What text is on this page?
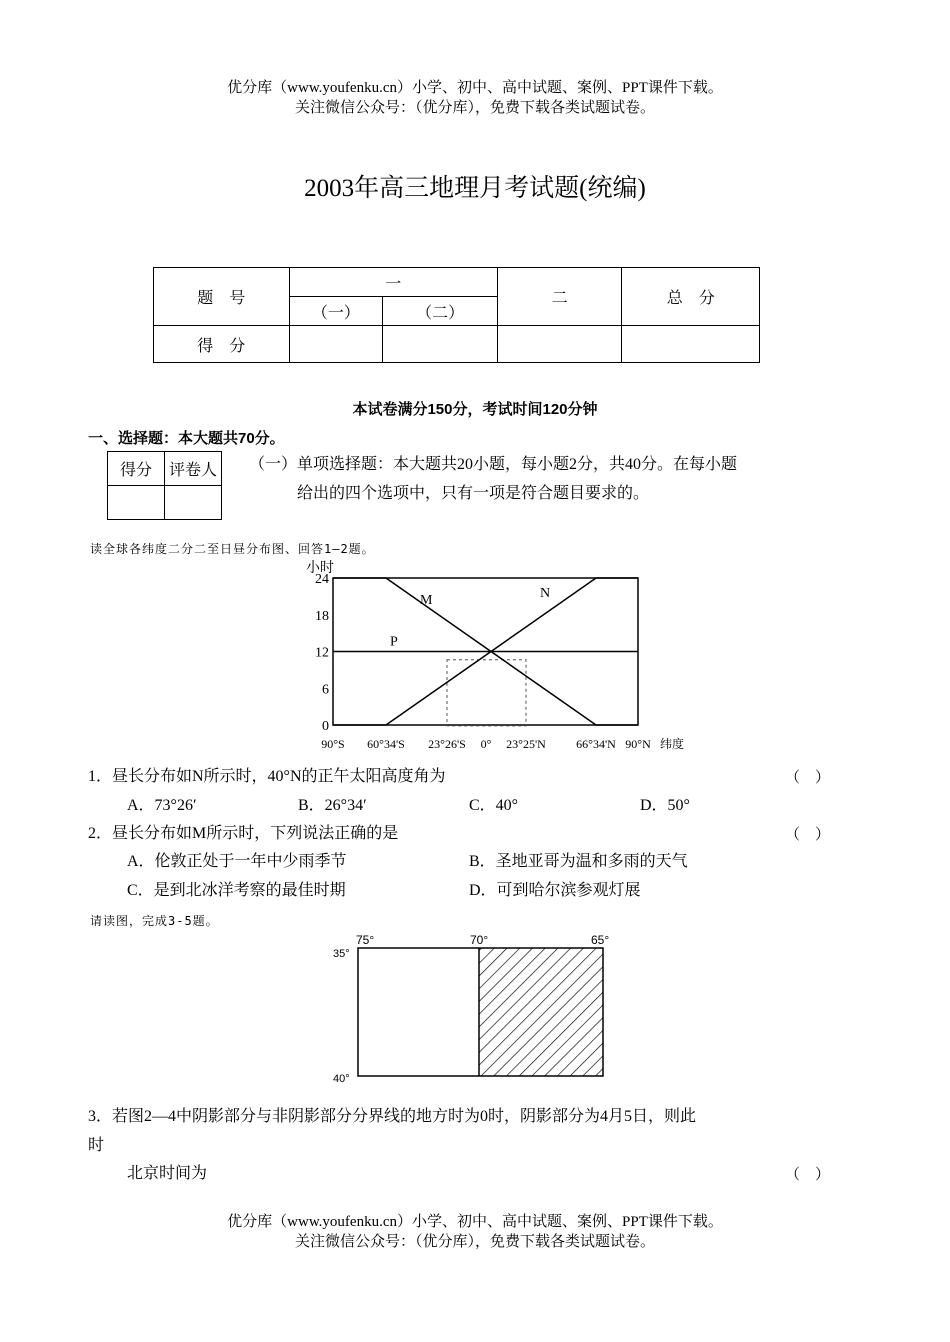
优分库（www.youfenku.cn）小学、初中、高中试题、案例、PPT课件下载。
关注微信公众号：（优分库），免费下载各类试题试卷。
2003年高三地理月考试题(统编)
题　号	一		二	总　分
	（一）	（二）		
得　分				
本试卷满分150分，考试时间120分钟
一、选择题：本大题共70分。
得分	评卷人
	（一）单项选择题：本大题共20小题，每小题2分，共40分。在每小题
给出的四个选项中，只有一项是符合题目要求的。
读全球各纬度二分二至日昼分布图、回答1—2题。
M	N
P
24
18
12
6
0
小时
90°S 60°34'S 23°26'S 0° 23°25'N	66°34'N 90°N 纬度
1．昼长分布如N所示时，40°N的正午太阳高度角为	（　）
A．73°26′	B．26°34′	C．40°	D．50°
2．昼长分布如M所示时，下列说法正确的是	（　）
A．伦敦正处于一年中少雨季节	B．圣地亚哥为温和多雨的天气
C．是到北冰洋考察的最佳时期	D．可到哈尔滨参观灯展
请读图，完成3-5题。
75°	70°	65°
35°
40°
3．若图2—4中阴影部分与非阴影部分分界线的地方时为0时，阴影部分为4月5日，则此
时
北京时间为	（　）
优分库（www.youfenku.cn）小学、初中、高中试题、案例、PPT课件下载。
关注微信公众号：（优分库），免费下载各类试题试卷。
